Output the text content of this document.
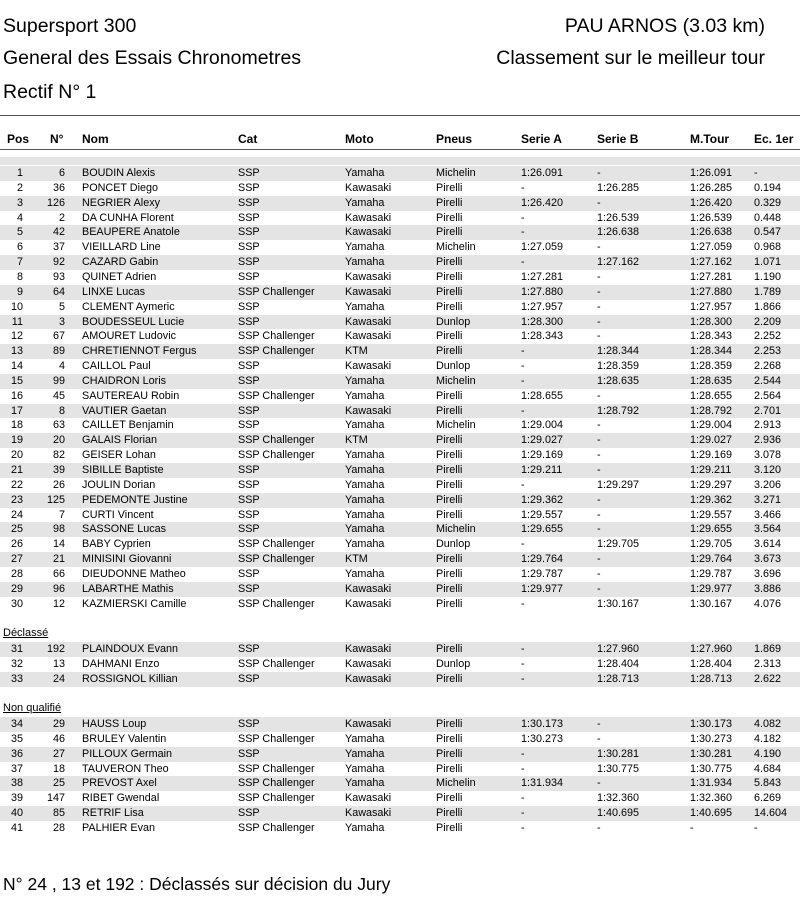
Supersport 300
General des Essais Chronometres
Rectif N° 1
PAU ARNOS (3.03 km)
Classement sur le meilleur tour
Pos N° Nom	Cat	Moto	Pneus	Serie A	Serie B	M.Tour Ec. 1er
1	6 BOUDIN Alexis	SSP	Yamaha	Michelin	1:26.091	-	1:26.091 -
2	36 PONCET Diego	SSP	Kawasaki	Pirelli	-	1:26.285	1:26.285 0.194
3	126 NEGRIER Alexy	SSP	Yamaha	Pirelli	1:26.420	-	1:26.420 0.329
4	2 DA CUNHA Florent	SSP	Kawasaki	Pirelli	-	1:26.539	1:26.539 0.448
5	42 BEAUPERE Anatole	SSP	Kawasaki	Pirelli	-	1:26.638	1:26.638 0.547
6	37 VIEILLARD Line	SSP	Yamaha	Michelin	1:27.059	-	1:27.059 0.968
7	92 CAZARD Gabin	SSP	Yamaha	Pirelli	-	1:27.162	1:27.162 1.071
8	93 QUINET Adrien	SSP	Kawasaki	Pirelli	1:27.281	-	1:27.281 1.190
9	64 LINXE Lucas	SSP Challenger	Kawasaki	Pirelli	1:27.880	-	1:27.880 1.789
10	5 CLEMENT Aymeric	SSP	Yamaha	Pirelli	1:27.957	-	1:27.957 1.866
11	3 BOUDESSEUL Lucie	SSP	Kawasaki	Dunlop	1:28.300	-	1:28.300 2.209
12	67 AMOURET Ludovic	SSP Challenger	Kawasaki	Pirelli	1:28.343	-	1:28.343 2.252
13	89 CHRETIENNOT Fergus	SSP Challenger	KTM	Pirelli	-	1:28.344	1:28.344 2.253
14	4 CAILLOL Paul	SSP	Kawasaki	Dunlop	-	1:28.359	1:28.359 2.268
15	99 CHAIDRON Loris	SSP	Yamaha	Michelin	-	1:28.635	1:28.635 2.544
16	45 SAUTEREAU Robin	SSP Challenger	Yamaha	Pirelli	1:28.655	-	1:28.655 2.564
17	8 VAUTIER Gaetan	SSP	Kawasaki	Pirelli	-	1:28.792	1:28.792 2.701
18	63 CAILLET Benjamin	SSP	Yamaha	Michelin	1:29.004	-	1:29.004 2.913
19	20 GALAIS Florian	SSP Challenger	KTM	Pirelli	1:29.027	-	1:29.027 2.936
20	82 GEISER Lohan	SSP Challenger	Yamaha	Pirelli	1:29.169	-	1:29.169 3.078
21	39 SIBILLE Baptiste	SSP	Yamaha	Pirelli	1:29.211	-	1:29.211 3.120
22	26 JOULIN Dorian	SSP	Yamaha	Pirelli	-	1:29.297	1:29.297 3.206
23	125 PEDEMONTE Justine	SSP	Yamaha	Pirelli	1:29.362	-	1:29.362 3.271
24	7 CURTI Vincent	SSP	Yamaha	Pirelli	1:29.557	-	1:29.557 3.466
25	98 SASSONE Lucas	SSP	Yamaha	Michelin	1:29.655	-	1:29.655 3.564
26	14 BABY Cyprien	SSP Challenger	Yamaha	Dunlop	-	1:29.705	1:29.705 3.614
27	21 MINISINI Giovanni	SSP Challenger	KTM	Pirelli	1:29.764	-	1:29.764 3.673
28	66 DIEUDONNE Matheo	SSP	Yamaha	Pirelli	1:29.787	-	1:29.787 3.696
29	96 LABARTHE Mathis	SSP	Kawasaki	Pirelli	1:29.977	-	1:29.977 3.886
30	12 KAZMIERSKI Camille	SSP Challenger	Kawasaki	Pirelli	-	1:30.167	1:30.167 4.076
Déclassé
31	192 PLAINDOUX Evann	SSP	Kawasaki	Pirelli	-	1:27.960	1:27.960 1.869
32	13 DAHMANI Enzo	SSP Challenger	Kawasaki	Dunlop	-	1:28.404	1:28.404 2.313
33	24 ROSSIGNOL Killian	SSP	Kawasaki	Pirelli	-	1:28.713	1:28.713 2.622
Non qualifié
34	29 HAUSS Loup	SSP	Kawasaki	Pirelli	1:30.173	-	1:30.173 4.082
35	46 BRULEY Valentin	SSP Challenger	Yamaha	Pirelli	1:30.273	-	1:30.273 4.182
36	27 PILLOUX Germain	SSP	Yamaha	Pirelli	-	1:30.281	1:30.281 4.190
37	18 TAUVERON Theo	SSP Challenger	Yamaha	Pirelli	-	1:30.775	1:30.775 4.684
38	25 PREVOST Axel	SSP Challenger	Yamaha	Michelin	1:31.934	-	1:31.934 5.843
39	147 RIBET Gwendal	SSP Challenger	Kawasaki	Pirelli	-	1:32.360	1:32.360 6.269
40	85 RETRIF Lisa	SSP	Kawasaki	Pirelli	-	1:40.695	1:40.695 14.604
41	28 PALHIER Evan	SSP Challenger	Yamaha	Pirelli	-	-	-	-
N° 24 , 13 et 192 : Déclassés sur décision du Jury
